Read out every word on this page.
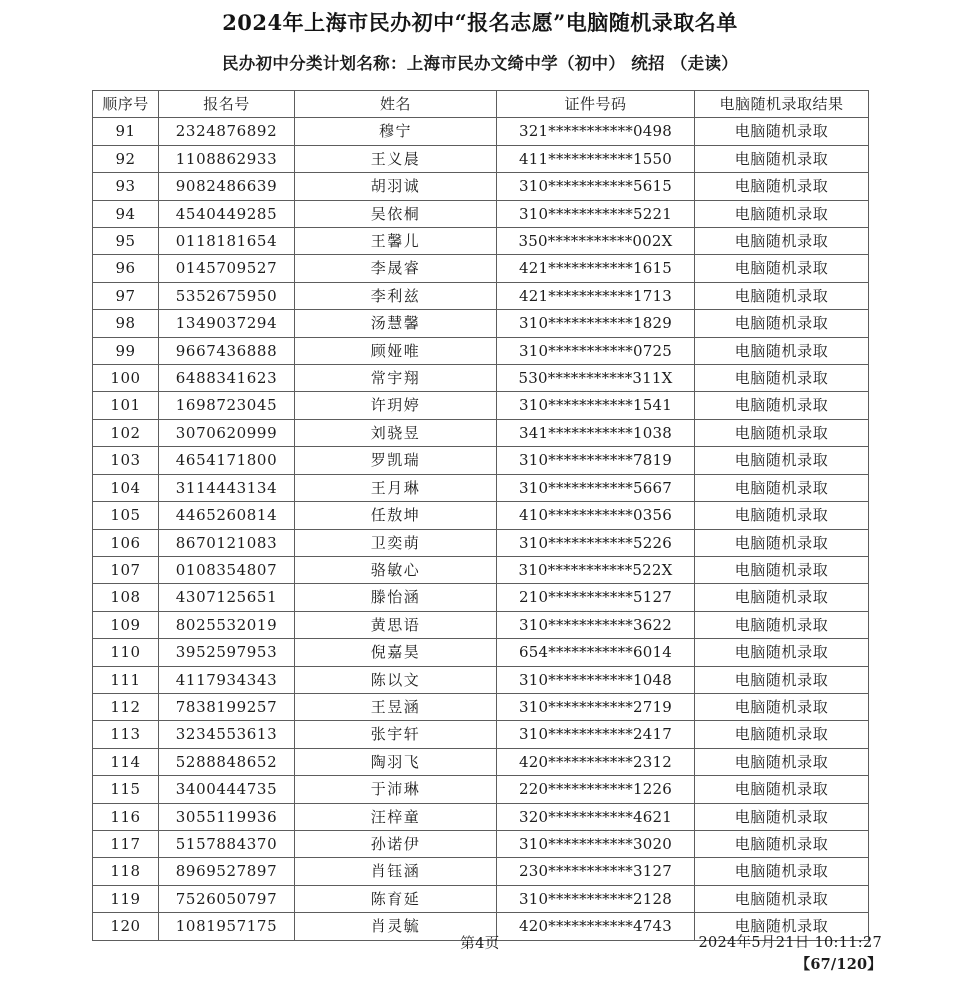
2024年上海市民办初中“报名志愿”电脑随机录取名单
民办初中分类计划名称：上海市民办文绮中学（初中） 统招 （走读）
顺序号	报名号	姓名	证件号码	电脑随机录取结果
91	2324876892	穆宁	321***********0498	电脑随机录取
92	1108862933	王义晨	411***********1550	电脑随机录取
93	9082486639	胡羽诚	310***********5615	电脑随机录取
94	4540449285	吴依桐	310***********5221	电脑随机录取
95	0118181654	王馨儿	350***********002X	电脑随机录取
96	0145709527	李晟睿	421***********1615	电脑随机录取
97	5352675950	李利兹	421***********1713	电脑随机录取
98	1349037294	汤慧馨	310***********1829	电脑随机录取
99	9667436888	顾娅唯	310***********0725	电脑随机录取
100	6488341623	常宇翔	530***********311X	电脑随机录取
101	1698723045	许玥婷	310***********1541	电脑随机录取
102	3070620999	刘骁昱	341***********1038	电脑随机录取
103	4654171800	罗凯瑞	310***********7819	电脑随机录取
104	3114443134	王月琳	310***********5667	电脑随机录取
105	4465260814	任敖坤	410***********0356	电脑随机录取
106	8670121083	卫奕萌	310***********5226	电脑随机录取
107	0108354807	骆敏心	310***********522X	电脑随机录取
108	4307125651	滕怡涵	210***********5127	电脑随机录取
109	8025532019	黄思语	310***********3622	电脑随机录取
110	3952597953	倪嘉昊	654***********6014	电脑随机录取
111	4117934343	陈以文	310***********1048	电脑随机录取
112	7838199257	王昱涵	310***********2719	电脑随机录取
113	3234553613	张宇轩	310***********2417	电脑随机录取
114	5288848652	陶羽飞	420***********2312	电脑随机录取
115	3400444735	于沛琳	220***********1226	电脑随机录取
116	3055119936	汪梓童	320***********4621	电脑随机录取
117	5157884370	孙诺伊	310***********3020	电脑随机录取
118	8969527897	肖钰涵	230***********3127	电脑随机录取
119	7526050797	陈育延	310***********2128	电脑随机录取
120	1081957175	肖灵毓	420***********4743	电脑随机录取
第4页	2024年5月21日 10:11:27
【67/120】
